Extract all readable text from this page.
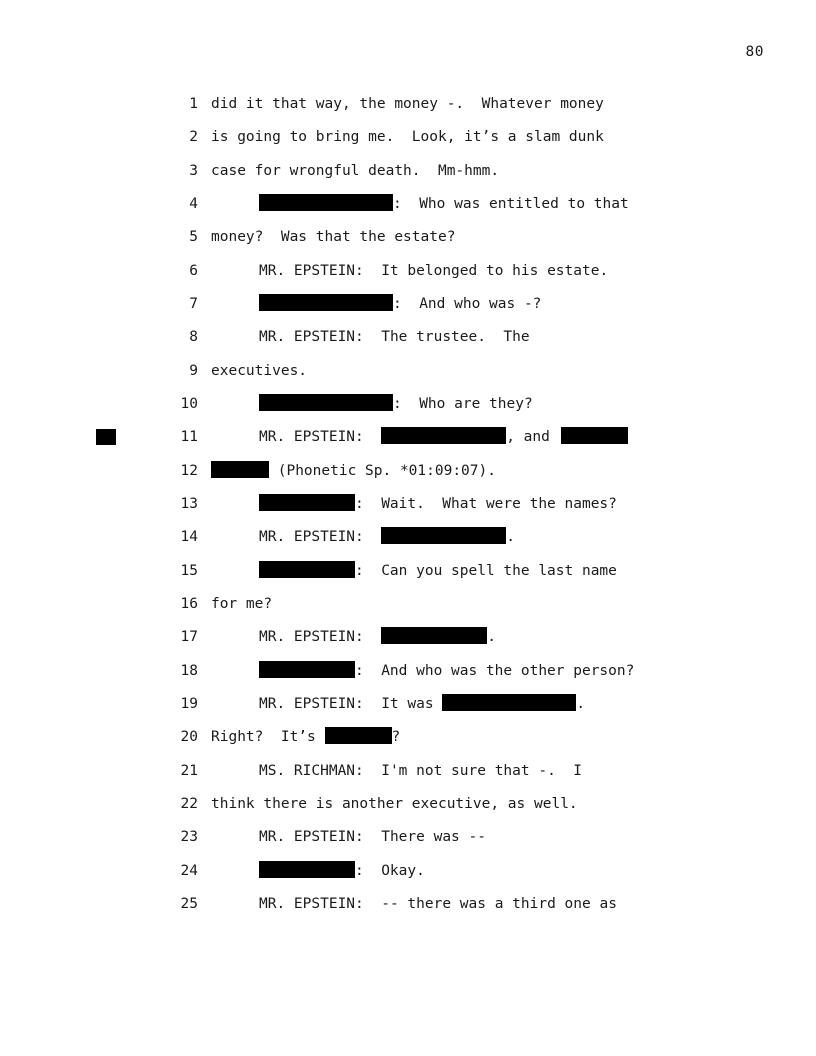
80
1 did it that way, the money -.  Whatever money
2 is going to bring me.  Look, it’s a slam dunk
3 case for wrongful death.  Mm-hmm.
4	:  Who was entitled to that
5 money?  Was that the estate?
6	MR. EPSTEIN:  It belonged to his estate.
7	:  And who was -?
8	MR. EPSTEIN:  The trustee.  The
9 executives.
10	:  Who are they?
11	MR. EPSTEIN:	, and
12	(Phonetic Sp. *01:09:07).
13	:  Wait.  What were the names?
14	MR. EPSTEIN:	.
15	:  Can you spell the last name
16 for me?
17	MR. EPSTEIN:	.
18	:  And who was the other person?
19	MR. EPSTEIN:  It was	.
20 Right?  It’s	?
21	MS. RICHMAN:  I'm not sure that -.  I
22 think there is another executive, as well.
23	MR. EPSTEIN:  There was --
24	:  Okay.
25	MR. EPSTEIN:  -- there was a third one as
